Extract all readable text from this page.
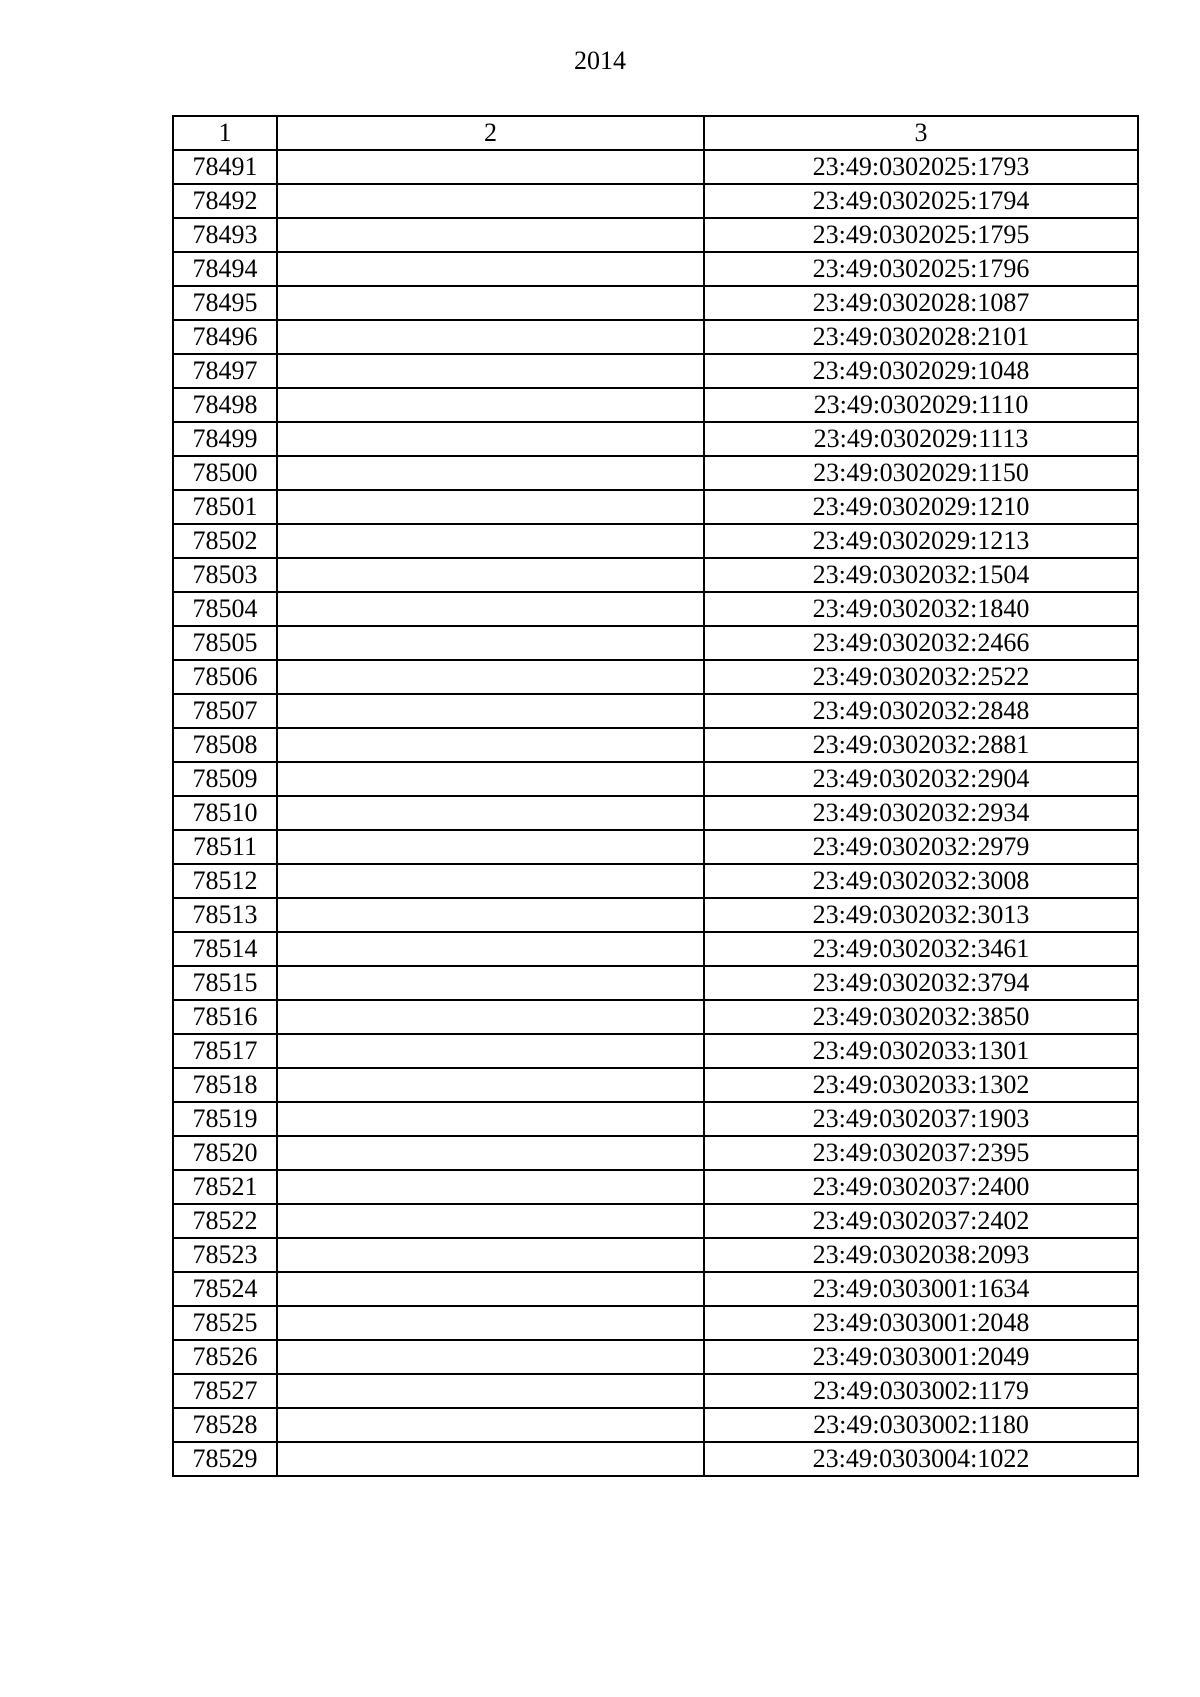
2014
1	2	3
78491		23:49:0302025:1793
78492		23:49:0302025:1794
78493		23:49:0302025:1795
78494		23:49:0302025:1796
78495		23:49:0302028:1087
78496		23:49:0302028:2101
78497		23:49:0302029:1048
78498		23:49:0302029:1110
78499		23:49:0302029:1113
78500		23:49:0302029:1150
78501		23:49:0302029:1210
78502		23:49:0302029:1213
78503		23:49:0302032:1504
78504		23:49:0302032:1840
78505		23:49:0302032:2466
78506		23:49:0302032:2522
78507		23:49:0302032:2848
78508		23:49:0302032:2881
78509		23:49:0302032:2904
78510		23:49:0302032:2934
78511		23:49:0302032:2979
78512		23:49:0302032:3008
78513		23:49:0302032:3013
78514		23:49:0302032:3461
78515		23:49:0302032:3794
78516		23:49:0302032:3850
78517		23:49:0302033:1301
78518		23:49:0302033:1302
78519		23:49:0302037:1903
78520		23:49:0302037:2395
78521		23:49:0302037:2400
78522		23:49:0302037:2402
78523		23:49:0302038:2093
78524		23:49:0303001:1634
78525		23:49:0303001:2048
78526		23:49:0303001:2049
78527		23:49:0303002:1179
78528		23:49:0303002:1180
78529		23:49:0303004:1022
